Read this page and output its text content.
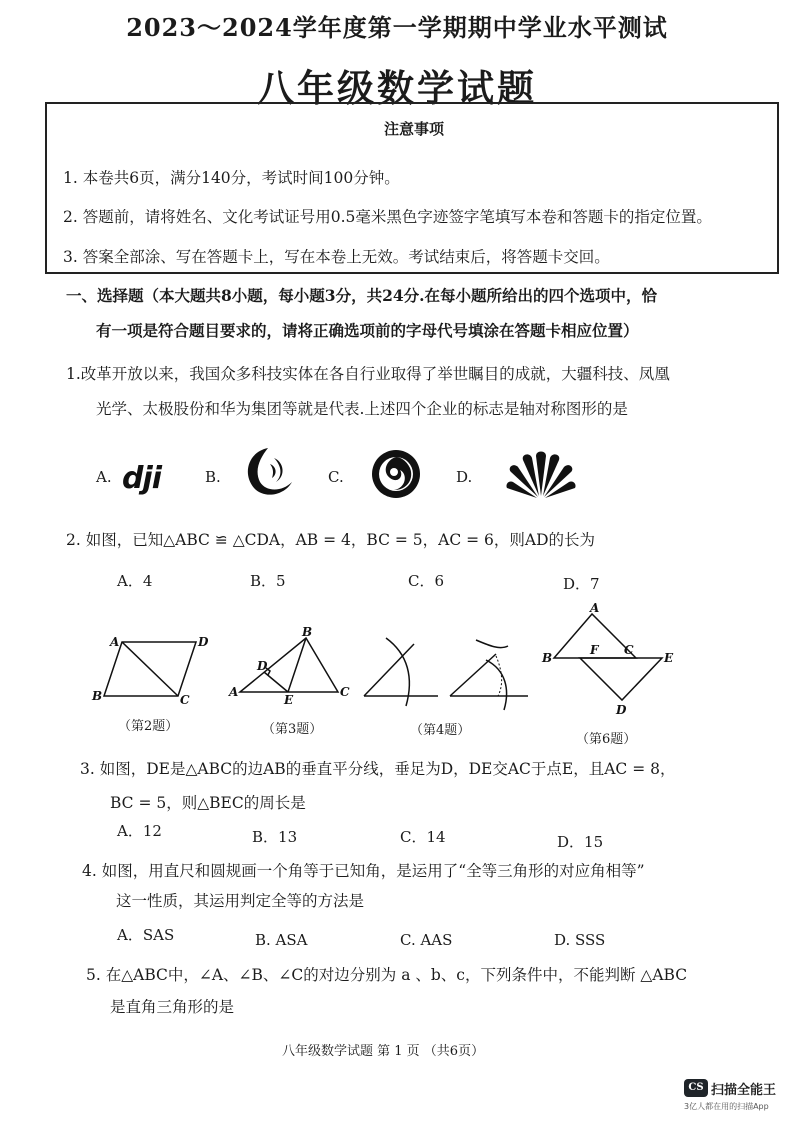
2023～2024学年度第一学期期中学业水平测试
八年级数学试题
注意事项
1. 本卷共6页，满分140分，考试时间100分钟。
2. 答题前，请将姓名、文化考试证号用0.5毫米黑色字迹签字笔填写本卷和答题卡的指定位置。
3. 答案全部涂、写在答题卡上，写在本卷上无效。考试结束后，将答题卡交回。
一、选择题（本大题共8小题，每小题3分，共24分.在每小题所给出的四个选项中，恰
有一项是符合题目要求的，请将正确选项前的字母代号填涂在答题卡相应位置）
1.改革开放以来，我国众多科技实体在各自行业取得了举世瞩目的成就，大疆科技、凤凰
光学、太极股份和华为集团等就是代表.上述四个企业的标志是轴对称图形的是
A. dji	B.	C.	D.
2. 如图，已知△ABC ≌ △CDA，AB = 4，BC = 5，AC = 6，则AD的长为
A．4	B．5	C．6	D．7
A	D
B	C
（第2题）
B
D
A
E
C
（第3题）	（第4题）
A
B
F C
E
D
（第6题）
3. 如图，DE是△ABC的边AB的垂直平分线，垂足为D，DE交AC于点E，且AC = 8，
BC = 5，则△BEC的周长是
A．12	B．13	C．14	D．15
4. 如图，用直尺和圆规画一个角等于已知角，是运用了“全等三角形的对应角相等”
这一性质，其运用判定全等的方法是
A．SAS	B. ASA	C. AAS	D. SSS
5. 在△ABC中，∠A、∠B、∠C的对边分别为 a 、b、c，下列条件中，不能判断 △ABC
是直角三角形的是
八年级数学试题 第 1 页 （共6页）
CS 扫描全能王
3亿人都在用的扫描App
